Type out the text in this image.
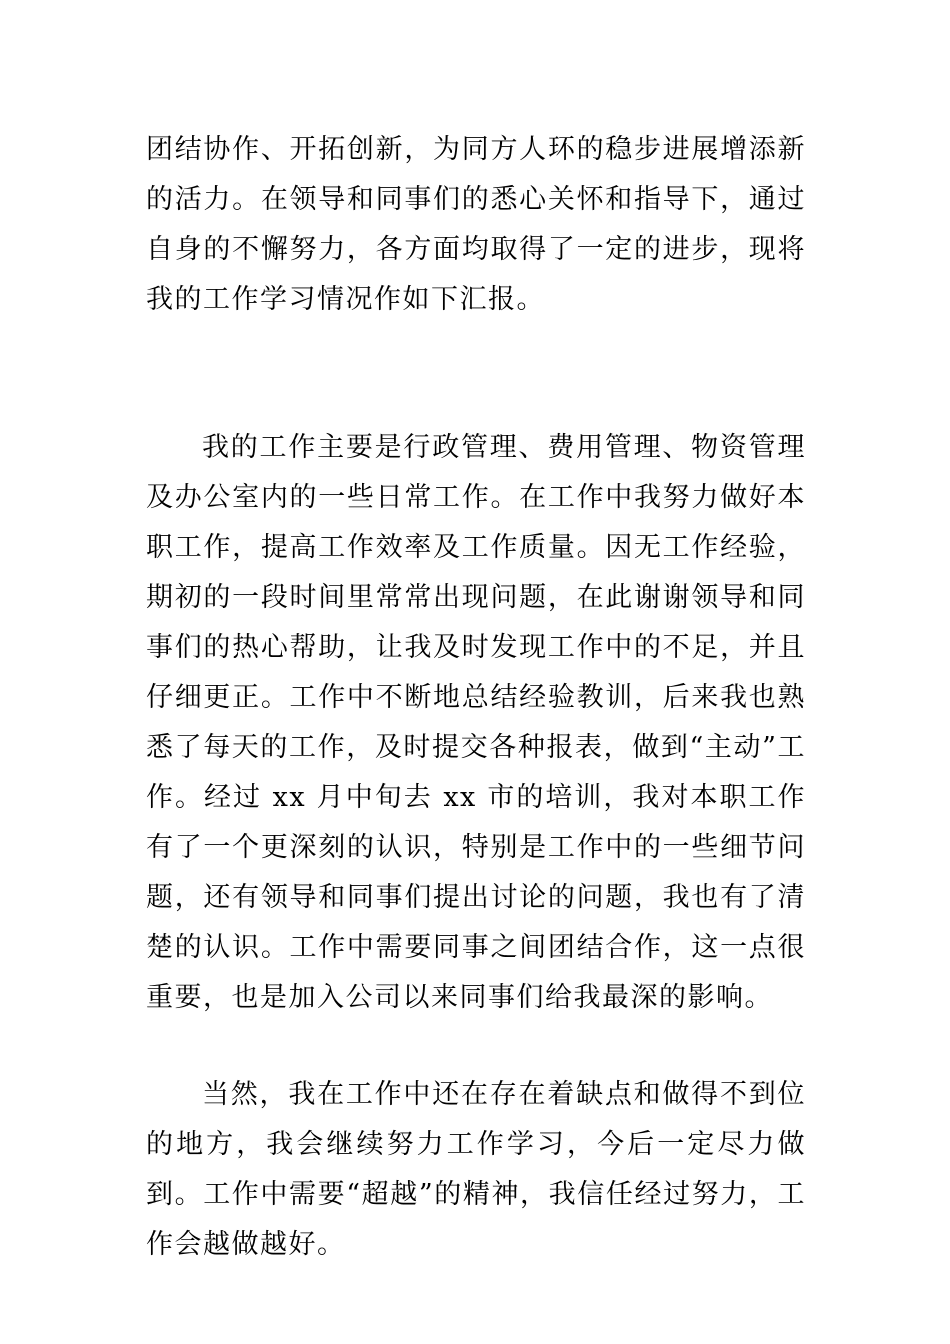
团结协作、开拓创新，为同方人环的稳步进展增添新的活力。在领导和同事们的悉心关怀和指导下，通过自身的不懈努力，各方面均取得了一定的进步，现将我的工作学习情况作如下汇报。

我的工作主要是行政管理、费用管理、物资管理及办公室内的一些日常工作。在工作中我努力做好本职工作，提高工作效率及工作质量。因无工作经验，期初的一段时间里常常出现问题，在此谢谢领导和同事们的热心帮助，让我及时发现工作中的不足，并且仔细更正。工作中不断地总结经验教训，后来我也熟悉了每天的工作，及时提交各种报表，做到“主动”工作。经过 xx 月中旬去 xx 市的培训，我对本职工作有了一个更深刻的认识，特别是工作中的一些细节问题，还有领导和同事们提出讨论的问题，我也有了清楚的认识。工作中需要同事之间团结合作，这一点很重要，也是加入公司以来同事们给我最深的影响。

当然，我在工作中还在存在着缺点和做得不到位的地方，我会继续努力工作学习，今后一定尽力做到。工作中需要“超越”的精神，我信任经过努力，工作会越做越好。
